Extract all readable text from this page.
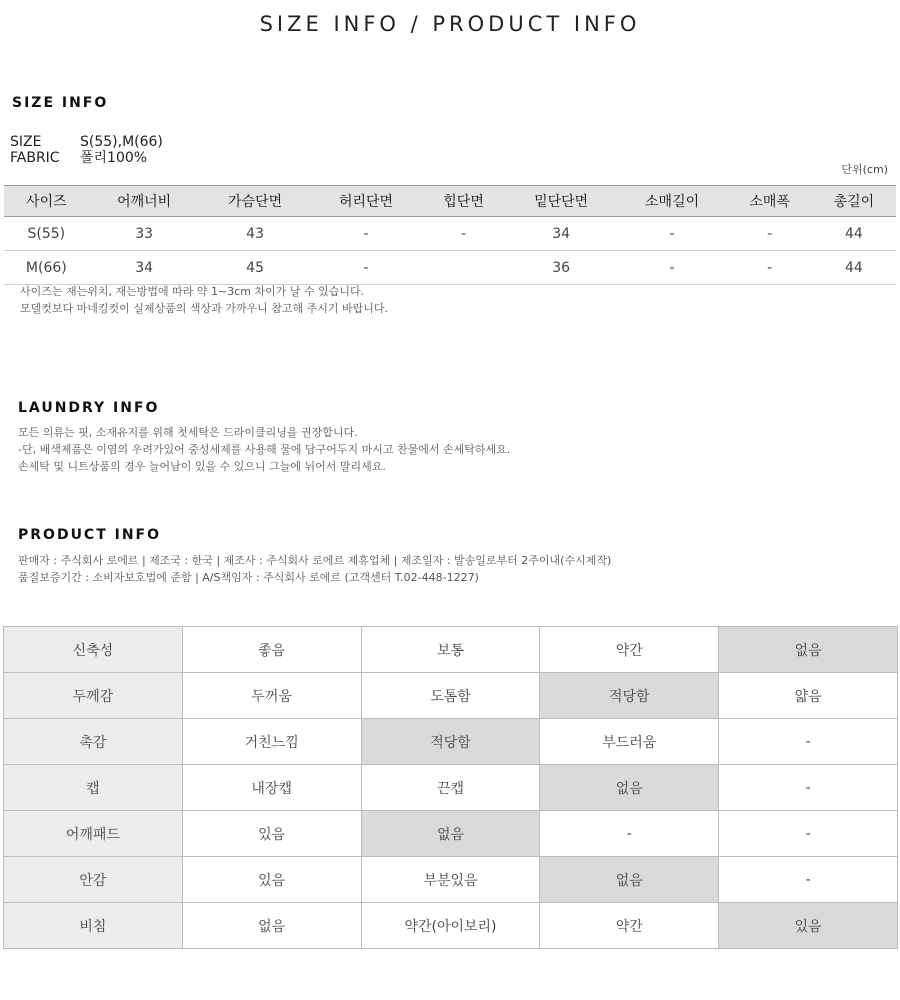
SIZE INFO / PRODUCT INFO
SIZE INFO
SIZE	S(55),M(66)
FABRIC	폴리100%
단위(cm)
사이즈	어깨너비	가슴단면	허리단면	힙단면	밑단단면	소매길이	소매폭	총길이
S(55)	33	43	-	-	34	-	-	44
M(66)	34	45	-		36	-	-	44
사이즈는 재는위치, 재는방법에 따라 약 1~3cm 차이가 날 수 있습니다.
모델컷보다 마네킹컷이 실제상품의 색상과 가까우니 참고해 주시기 바랍니다.
LAUNDRY INFO
모든 의류는 핏, 소재유지를 위해 첫세탁은 드라이클리닝을 권장합니다.
-단, 배색제품은 이염의 우려가있어 중성세제를 사용해 물에 담구어두지 마시고 찬물에서 손세탁하세요.
손세탁 및 니트상품의 경우 늘어남이 있을 수 있으니 그늘에 뉘어서 말리세요.
PRODUCT INFO
판매자 : 주식회사 로에르 | 제조국 : 한국 | 제조사 : 주식회사 로에르 제휴업체 | 제조일자 : 발송일로부터 2주이내(수시제작)
품질보증기간 : 소비자보호법에 준함 | A/S책임자 : 주식회사 로에르 (고객센터 T.02-448-1227)
신축성	좋음	보통	약간	없음
두께감	두꺼움	도톰함	적당함	얇음
촉감	거친느낌	적당함	부드러움	-
캡	내장캡	끈캡	없음	-
어깨패드	있음	없음	-	-
안감	있음	부분있음	없음	-
비침	없음	약간(아이보리)	약간	있음
